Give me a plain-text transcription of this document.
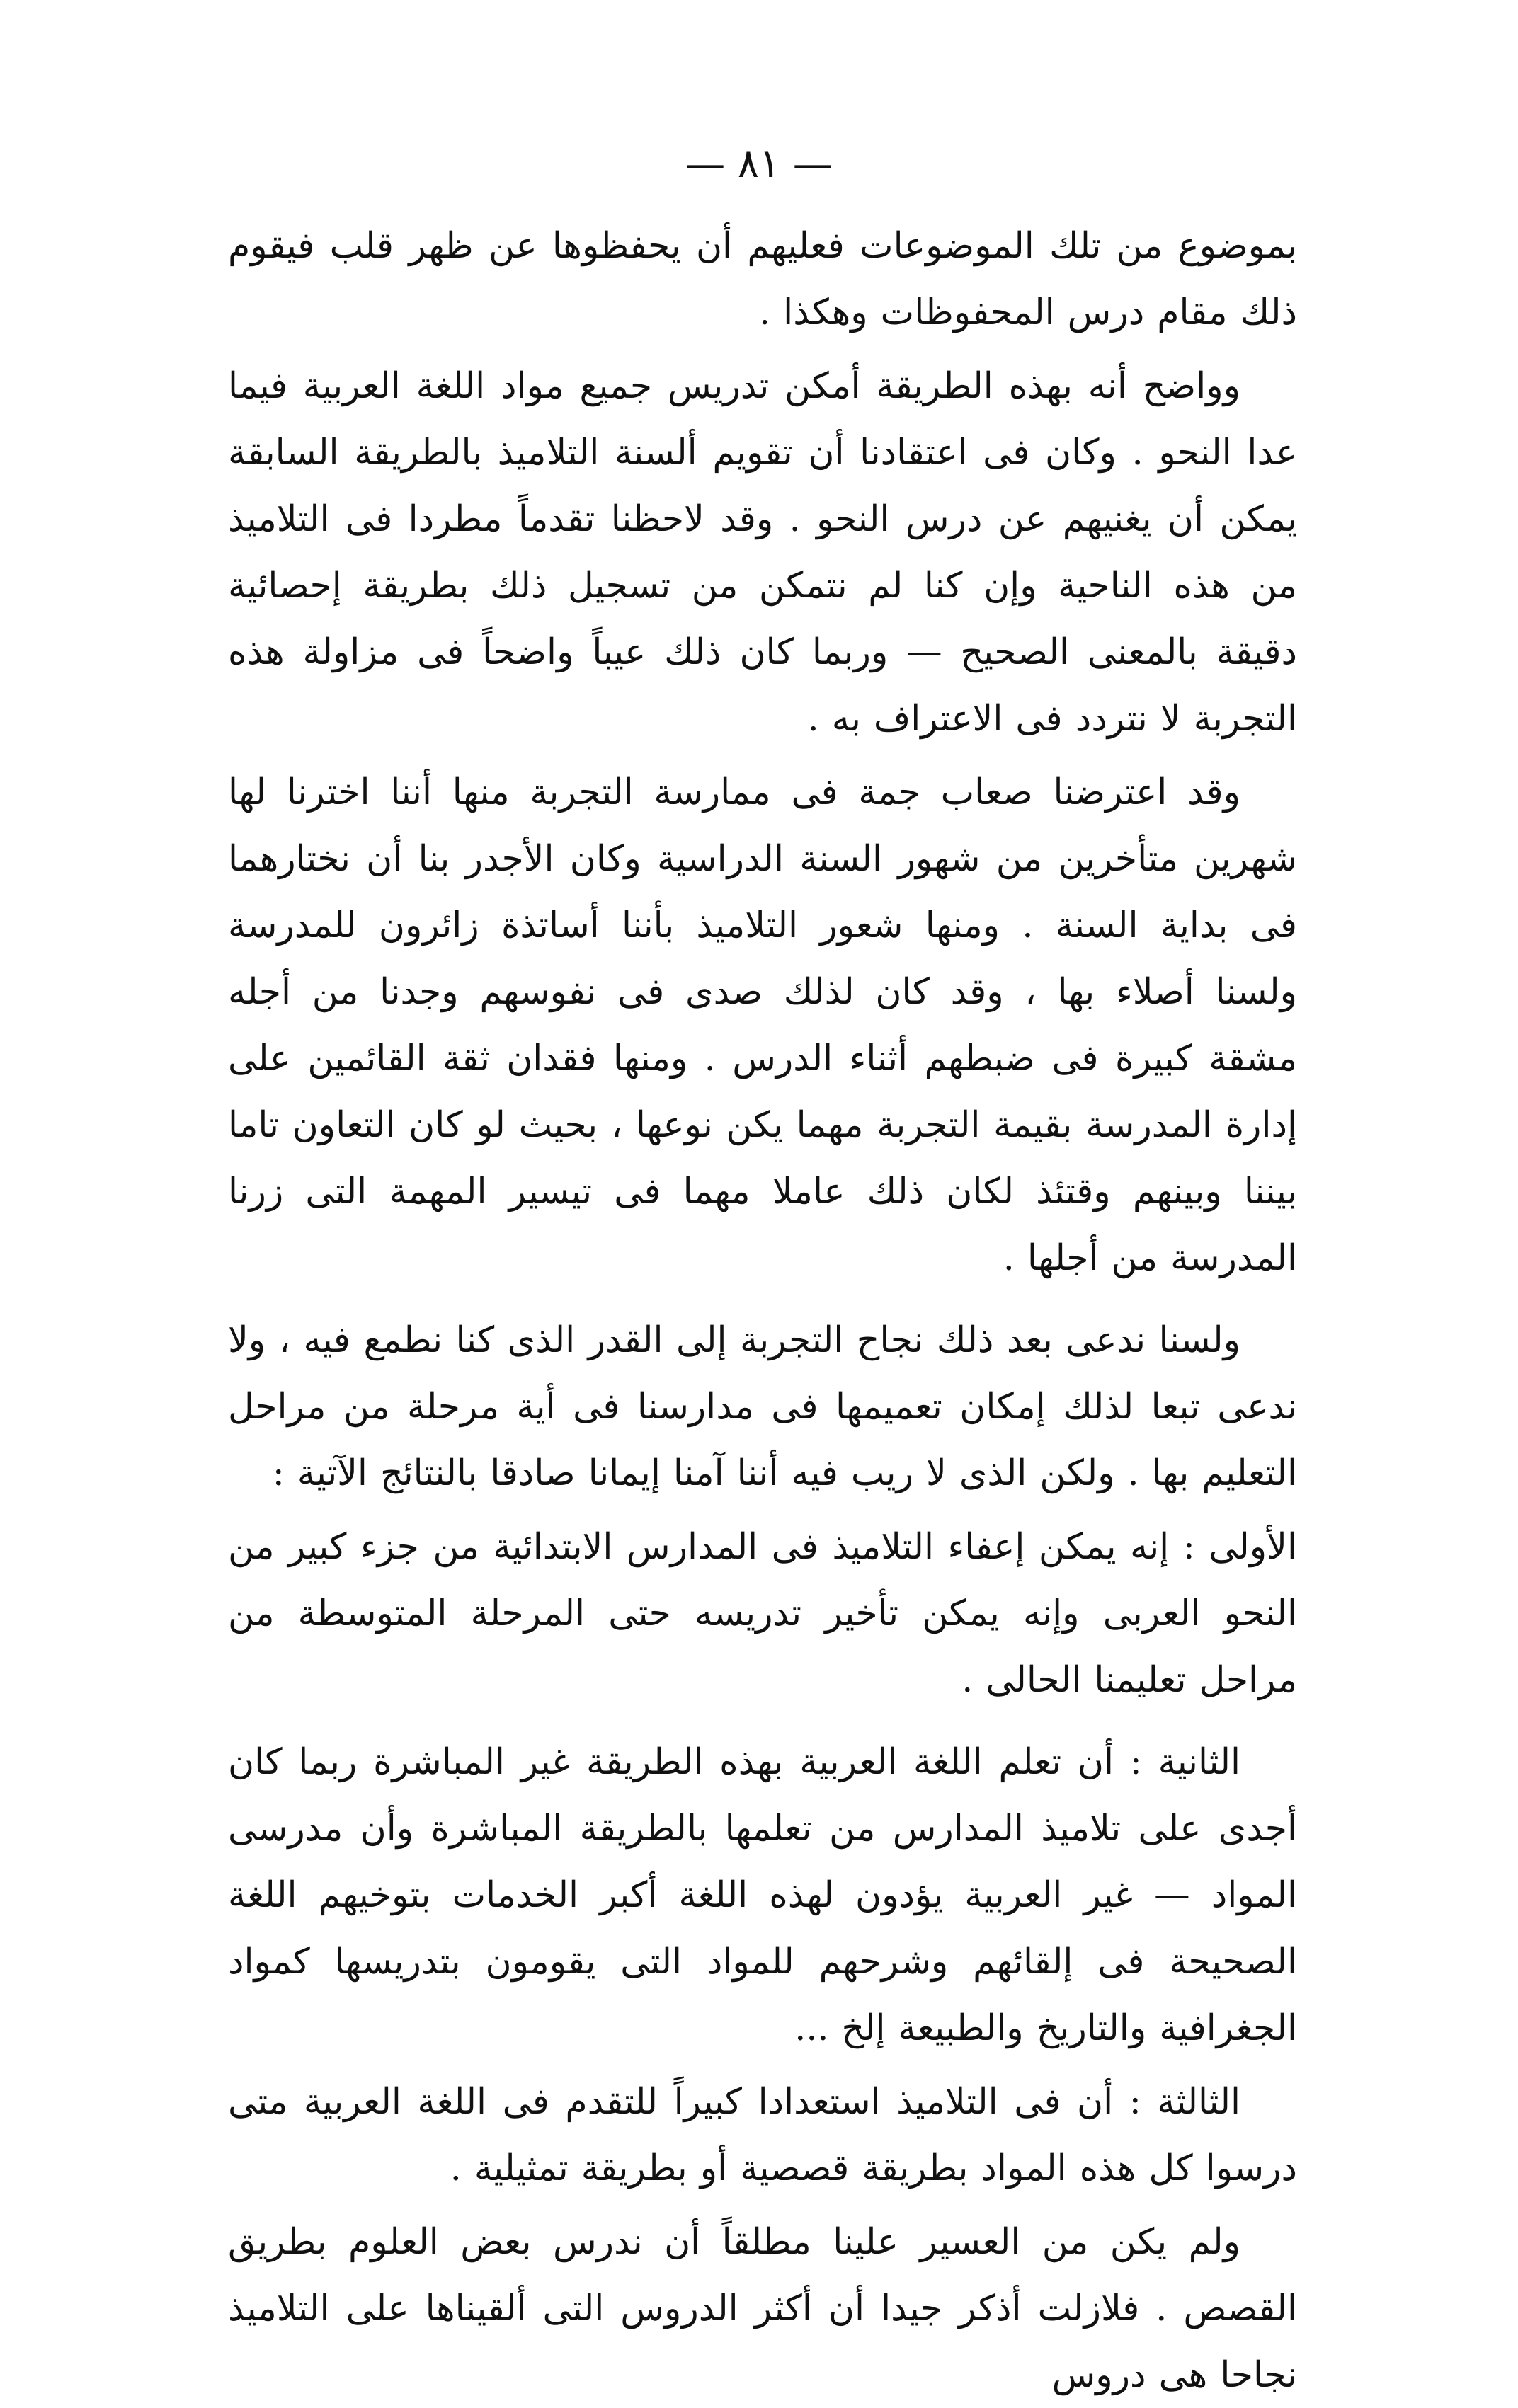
— ٨١ —

بموضوع من تلك الموضوعات فعليهم أن يحفظوها عن ظهر قلب فيقوم ذلك مقام درس المحفوظات وهكذا .

وواضح أنه بهذه الطريقة أمكن تدريس جميع مواد اللغة العربية فيما عدا النحو . وكان فى اعتقادنا أن تقويم ألسنة التلاميذ بالطريقة السابقة يمكن أن يغنيهم عن درس النحو . وقد لاحظنا تقدماً مطردا فى التلاميذ من هذه الناحية وإن كنا لم نتمكن من تسجيل ذلك بطريقة إحصائية دقيقة بالمعنى الصحيح — وربما كان ذلك عيباً واضحاً فى مزاولة هذه التجربة لا نتردد فى الاعتراف به .

وقد اعترضنا صعاب جمة فى ممارسة التجربة منها أننا اخترنا لها شهرين متأخرين من شهور السنة الدراسية وكان الأجدر بنا أن نختارهما فى بداية السنة . ومنها شعور التلاميذ بأننا أساتذة زائرون للمدرسة ولسنا أصلاء بها ، وقد كان لذلك صدى فى نفوسهم وجدنا من أجله مشقة كبيرة فى ضبطهم أثناء الدرس . ومنها فقدان ثقة القائمين على إدارة المدرسة بقيمة التجربة مهما يكن نوعها ، بحيث لو كان التعاون تاما بيننا وبينهم وقتئذ لكان ذلك عاملا مهما فى تيسير المهمة التى زرنا المدرسة من أجلها .

ولسنا ندعى بعد ذلك نجاح التجربة إلى القدر الذى كنا نطمع فيه ، ولا ندعى تبعا لذلك إمكان تعميمها فى مدارسنا فى أية مرحلة من مراحل التعليم بها . ولكن الذى لا ريب فيه أننا آمنا إيمانا صادقا بالنتائج الآتية :

الأولى : إنه يمكن إعفاء التلاميذ فى المدارس الابتدائية من جزء كبير من النحو العربى وإنه يمكن تأخير تدريسه حتى المرحلة المتوسطة من مراحل تعليمنا الحالى .

الثانية : أن تعلم اللغة العربية بهذه الطريقة غير المباشرة ربما كان أجدى على تلاميذ المدارس من تعلمها بالطريقة المباشرة وأن مدرسى المواد — غير العربية يؤدون لهذه اللغة أكبر الخدمات بتوخيهم اللغة الصحيحة فى إلقائهم وشرحهم للمواد التى يقومون بتدريسها كمواد الجغرافية والتاريخ والطبيعة إلخ ...

الثالثة : أن فى التلاميذ استعدادا كبيراً للتقدم فى اللغة العربية متى درسوا كل هذه المواد بطريقة قصصية أو بطريقة تمثيلية .

ولم يكن من العسير علينا مطلقاً أن ندرس بعض العلوم بطريق القصص . فلازلت أذكر جيدا أن أكثر الدروس التى ألقيناها على التلاميذ نجاحا هى دروس
